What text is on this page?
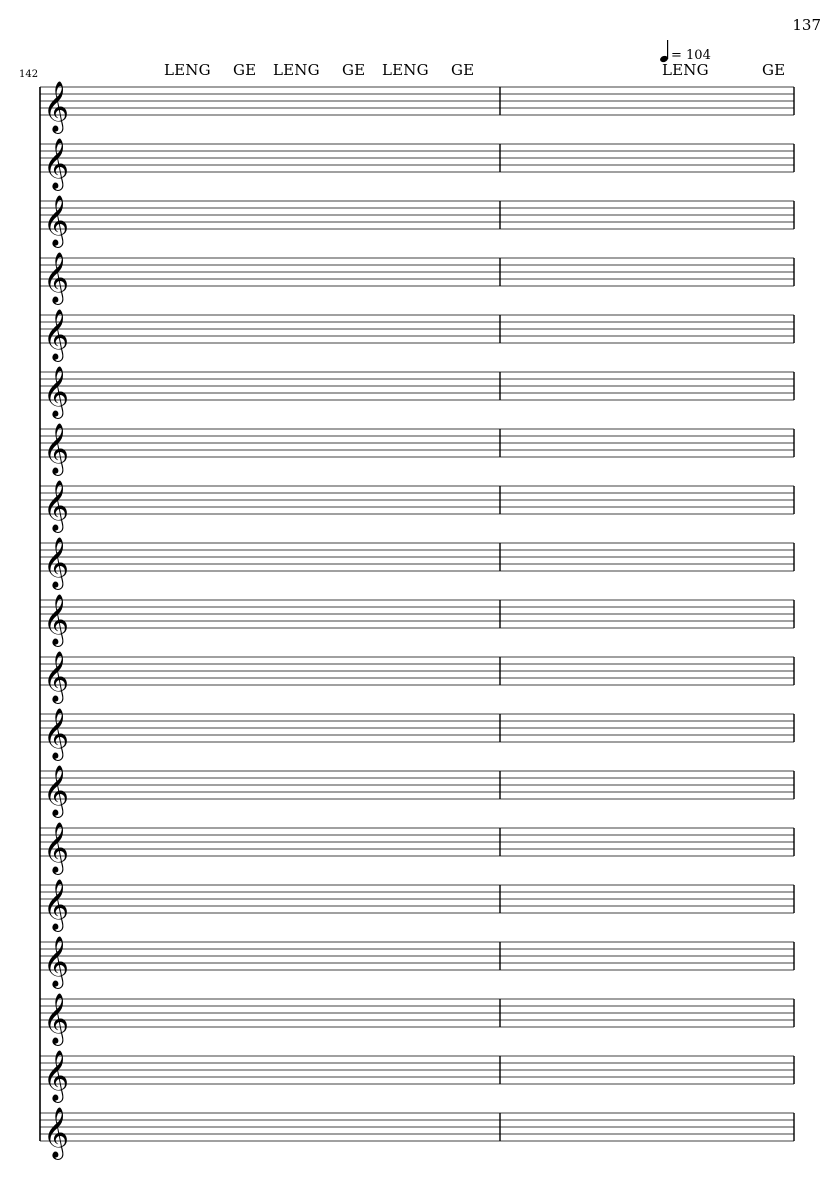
137
142
= 104
LENG GE LENG GE LENG GE	LENG	GE
𝄞
𝄞
𝄞
𝄞
𝄞
𝄞
𝄞
𝄞
𝄞
𝄞
𝄞
𝄞
𝄞
𝄞
𝄞
𝄞
𝄞
𝄞
𝄞
